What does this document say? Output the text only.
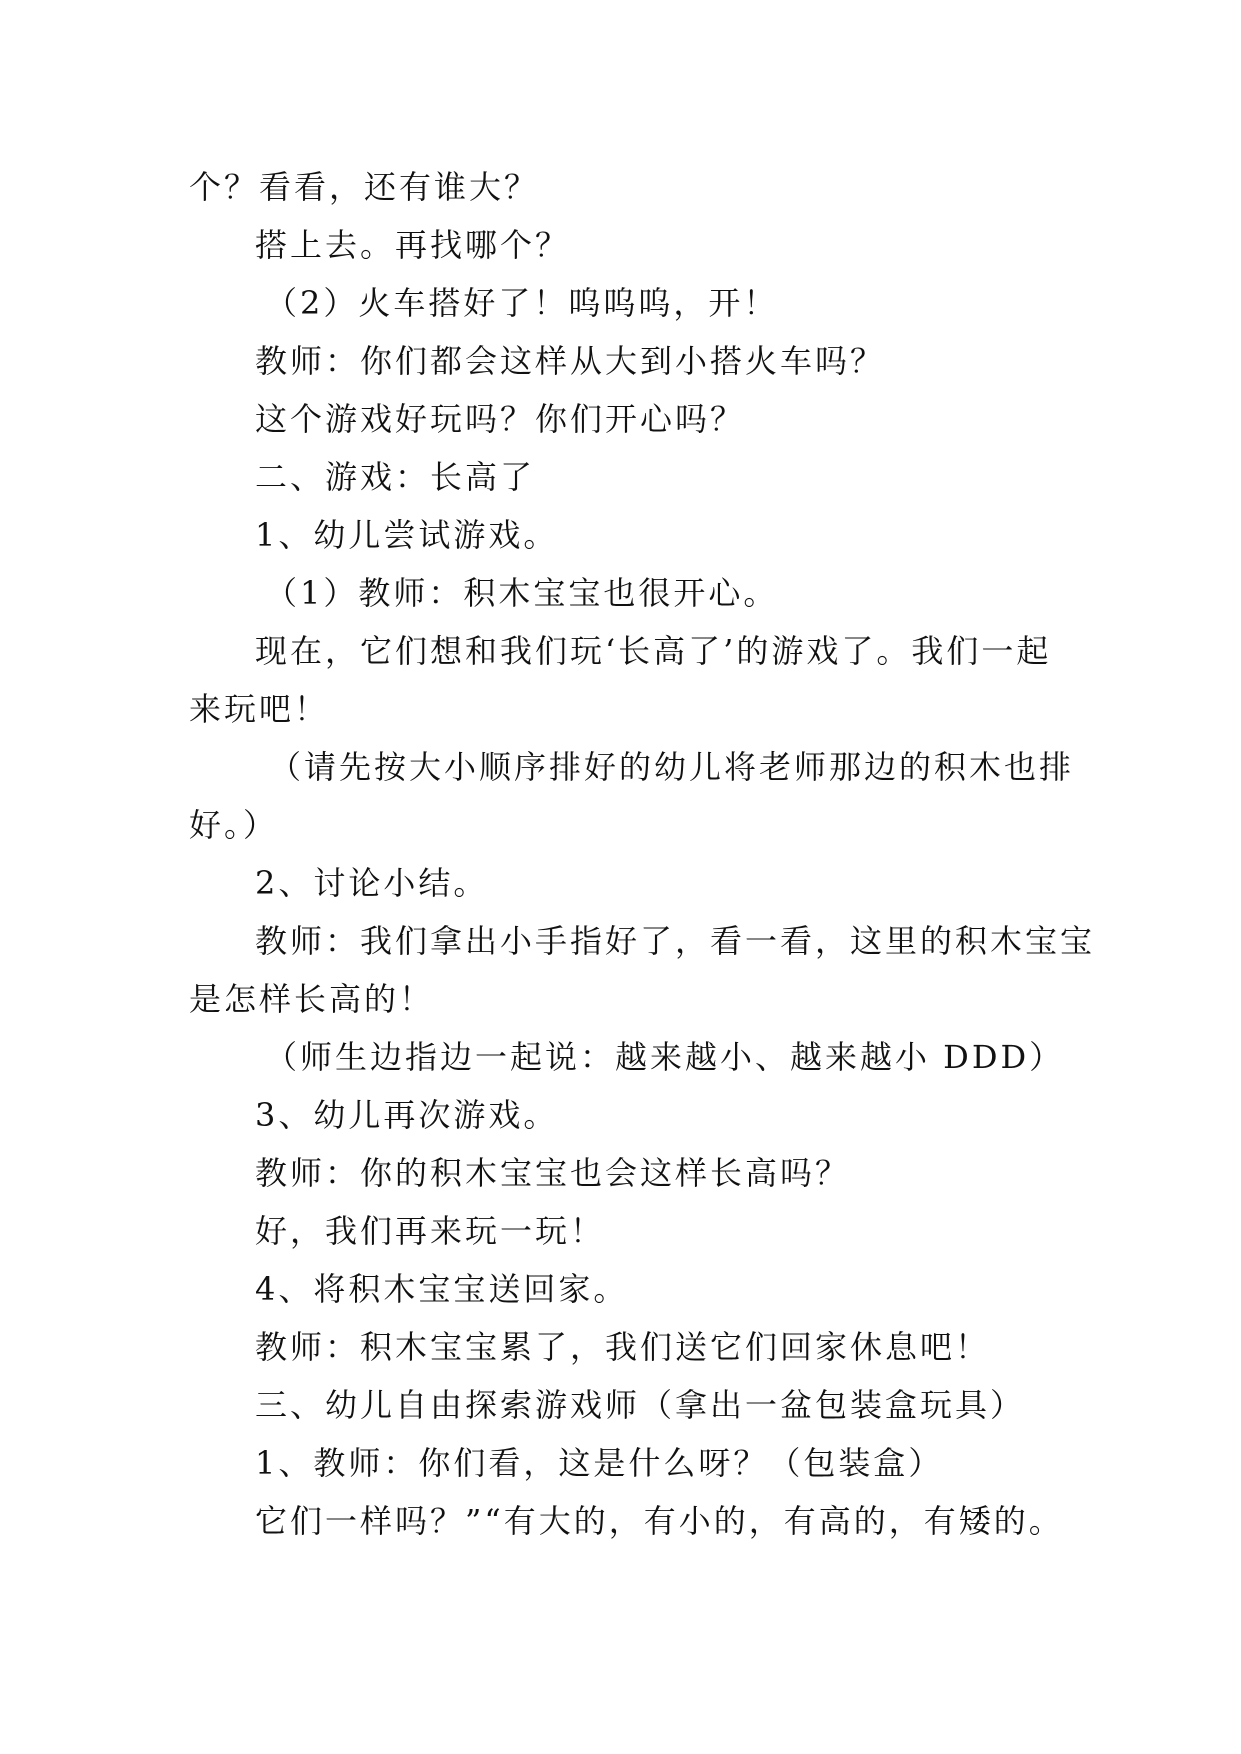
个？看看，还有谁大？
搭上去。再找哪个？
（2）火车搭好了！呜呜呜，开！
教师：你们都会这样从大到小搭火车吗？
这个游戏好玩吗？你们开心吗？
二、游戏：长高了
1、幼儿尝试游戏。
（1）教师：积木宝宝也很开心。
现在，它们想和我们玩‘长高了’的游戏了。我们一起
来玩吧！
（请先按大小顺序排好的幼儿将老师那边的积木也排
好。）
2、讨论小结。
教师：我们拿出小手指好了，看一看，这里的积木宝宝
是怎样长高的！
（师生边指边一起说：越来越小、越来越小 DDD）
3、幼儿再次游戏。
教师：你的积木宝宝也会这样长高吗？
好，我们再来玩一玩！
4、将积木宝宝送回家。
教师：积木宝宝累了，我们送它们回家休息吧！
三、幼儿自由探索游戏师（拿出一盆包装盒玩具）
1、教师：你们看，这是什么呀？（包装盒）
它们一样吗？”“有大的，有小的，有高的，有矮的。
